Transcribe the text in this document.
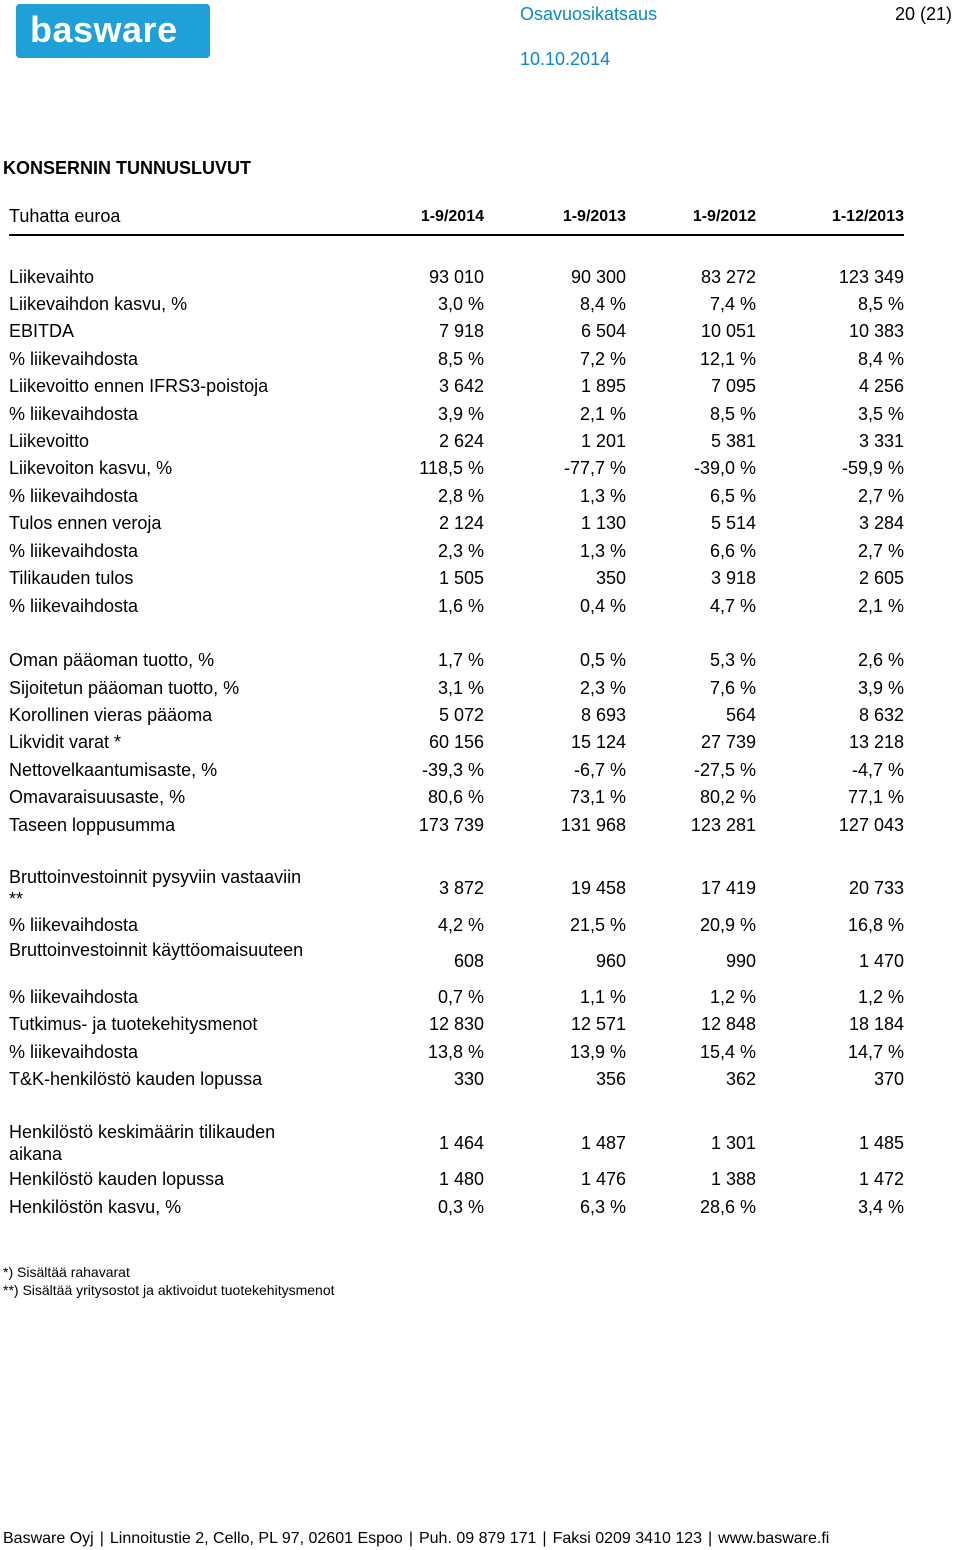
basware	Osavuosikatsaus	20 (21)
10.10.2014
KONSERNIN TUNNUSLUVUT
Tuhatta euroa	1-9/2014	1-9/2013	1-9/2012	1-12/2013
Liikevaihto	93 010	90 300	83 272	123 349
Liikevaihdon kasvu, %	3,0 %	8,4 %	7,4 %	8,5 %
EBITDA	7 918	6 504	10 051	10 383
% liikevaihdosta	8,5 %	7,2 %	12,1 %	8,4 %
Liikevoitto ennen IFRS3-poistoja	3 642	1 895	7 095	4 256
% liikevaihdosta	3,9 %	2,1 %	8,5 %	3,5 %
Liikevoitto	2 624	1 201	5 381	3 331
Liikevoiton kasvu, %	118,5 %	-77,7 %	-39,0 %	-59,9 %
% liikevaihdosta	2,8 %	1,3 %	6,5 %	2,7 %
Tulos ennen veroja	2 124	1 130	5 514	3 284
% liikevaihdosta	2,3 %	1,3 %	6,6 %	2,7 %
Tilikauden tulos	1 505	350	3 918	2 605
% liikevaihdosta	1,6 %	0,4 %	4,7 %	2,1 %
Oman pääoman tuotto, %	1,7 %	0,5 %	5,3 %	2,6 %
Sijoitetun pääoman tuotto, %	3,1 %	2,3 %	7,6 %	3,9 %
Korollinen vieras pääoma	5 072	8 693	564	8 632
Likvidit varat *	60 156	15 124	27 739	13 218
Nettovelkaantumisaste, %	-39,3 %	-6,7 %	-27,5 %	-4,7 %
Omavaraisuusaste, %	80,6 %	73,1 %	80,2 %	77,1 %
Taseen loppusumma	173 739	131 968	123 281	127 043
Bruttoinvestoinnit pysyviin vastaaviin **
3 872	19 458	17 419	20 733
% liikevaihdosta	4,2 %	21,5 %	20,9 %	16,8 %
Bruttoinvestoinnit käyttöomaisuuteen
608	960	990	1 470
% liikevaihdosta	0,7 %	1,1 %	1,2 %	1,2 %
Tutkimus- ja tuotekehitysmenot	12 830	12 571	12 848	18 184
% liikevaihdosta	13,8 %	13,9 %	15,4 %	14,7 %
T&K-henkilöstö kauden lopussa	330	356	362	370
Henkilöstö keskimäärin tilikauden aikana
1 464	1 487	1 301	1 485
Henkilöstö kauden lopussa	1 480	1 476	1 388	1 472
Henkilöstön kasvu, %	0,3 %	6,3 %	28,6 %	3,4 %
*) Sisältää rahavarat
**) Sisältää yritysostot ja aktivoidut tuotekehitysmenot
Basware Oyj | Linnoitustie 2, Cello, PL 97, 02601 Espoo | Puh. 09 879 171 | Faksi 0209 3410 123 | www.basware.fi
